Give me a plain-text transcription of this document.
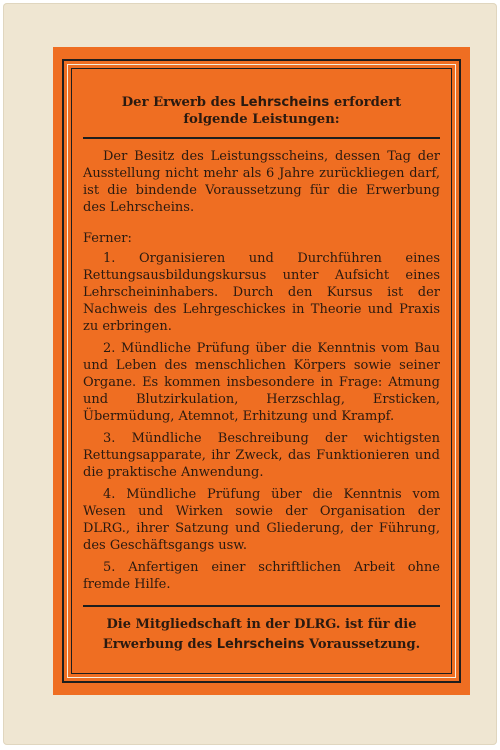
Der Erwerb des Lehrscheins erfordert
folgende Leistungen:

Der Besitz des Leistungsscheins, dessen Tag der Ausstellung nicht mehr als 6 Jahre zurückliegen darf, ist die bindende Voraussetzung für die Erwerbung des Lehrscheins.

Ferner:

1. Organisieren und Durchführen eines Rettungsausbildungskursus unter Aufsicht eines Lehrscheininhabers. Durch den Kursus ist der Nachweis des Lehrgeschickes in Theorie und Praxis zu erbringen.

2. Mündliche Prüfung über die Kenntnis vom Bau und Leben des menschlichen Körpers sowie seiner Organe. Es kommen insbesondere in Frage: Atmung und Blutzirkulation, Herzschlag, Ersticken, Übermüdung, Atemnot, Erhitzung und Krampf.

3. Mündliche Beschreibung der wichtigsten Rettungsapparate, ihr Zweck, das Funktionieren und die praktische Anwendung.

4. Mündliche Prüfung über die Kenntnis vom Wesen und Wirken sowie der Organisation der DLRG., ihrer Satzung und Gliederung, der Führung, des Geschäftsgangs usw.

5. Anfertigen einer schriftlichen Arbeit ohne fremde Hilfe.

Die Mitgliedschaft in der DLRG. ist für die
Erwerbung des Lehrscheins Voraussetzung.
